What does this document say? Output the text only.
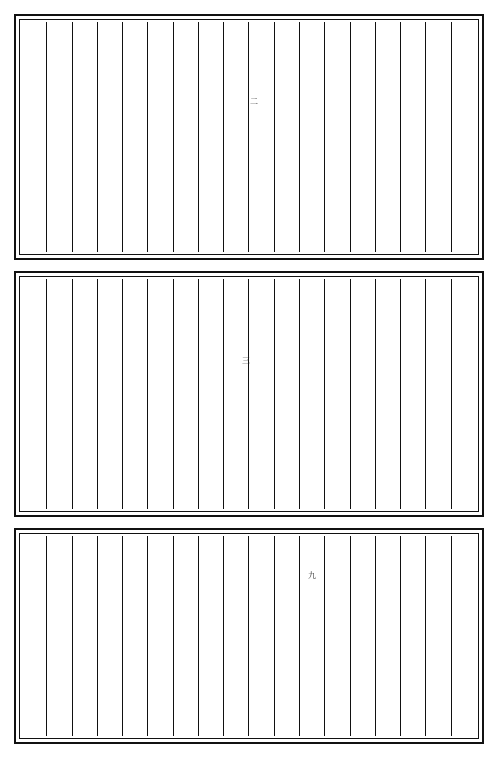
二
三
九
